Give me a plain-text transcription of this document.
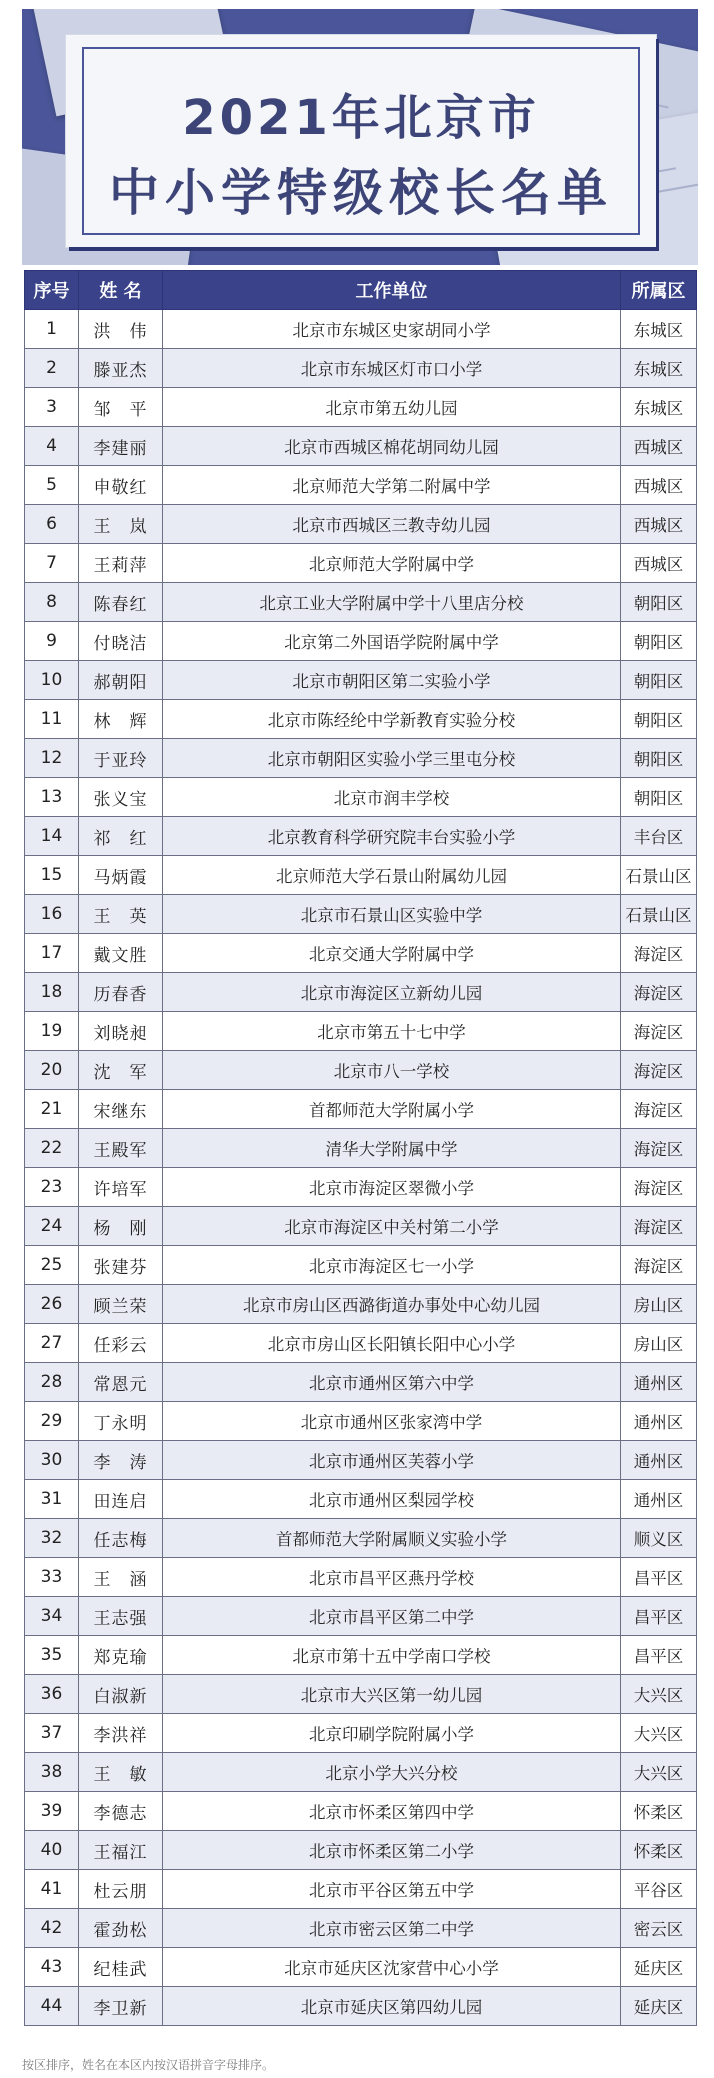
2021年北京市
中小学特级校长名单
序号	姓 名	工作单位	所属区
1	洪　伟	北京市东城区史家胡同小学	东城区
2	滕亚杰	北京市东城区灯市口小学	东城区
3	邹　平	北京市第五幼儿园	东城区
4	李建丽	北京市西城区棉花胡同幼儿园	西城区
5	申敬红	北京师范大学第二附属中学	西城区
6	王　岚	北京市西城区三教寺幼儿园	西城区
7	王莉萍	北京师范大学附属中学	西城区
8	陈春红	北京工业大学附属中学十八里店分校	朝阳区
9	付晓洁	北京第二外国语学院附属中学	朝阳区
10	郝朝阳	北京市朝阳区第二实验小学	朝阳区
11	林　辉	北京市陈经纶中学新教育实验分校	朝阳区
12	于亚玲	北京市朝阳区实验小学三里屯分校	朝阳区
13	张义宝	北京市润丰学校	朝阳区
14	祁　红	北京教育科学研究院丰台实验小学	丰台区
15	马炳霞	北京师范大学石景山附属幼儿园	石景山区
16	王　英	北京市石景山区实验中学	石景山区
17	戴文胜	北京交通大学附属中学	海淀区
18	历春香	北京市海淀区立新幼儿园	海淀区
19	刘晓昶	北京市第五十七中学	海淀区
20	沈　军	北京市八一学校	海淀区
21	宋继东	首都师范大学附属小学	海淀区
22	王殿军	清华大学附属中学	海淀区
23	许培军	北京市海淀区翠微小学	海淀区
24	杨　刚	北京市海淀区中关村第二小学	海淀区
25	张建芬	北京市海淀区七一小学	海淀区
26	顾兰荣	北京市房山区西潞街道办事处中心幼儿园	房山区
27	任彩云	北京市房山区长阳镇长阳中心小学	房山区
28	常恩元	北京市通州区第六中学	通州区
29	丁永明	北京市通州区张家湾中学	通州区
30	李　涛	北京市通州区芙蓉小学	通州区
31	田连启	北京市通州区梨园学校	通州区
32	任志梅	首都师范大学附属顺义实验小学	顺义区
33	王　涵	北京市昌平区燕丹学校	昌平区
34	王志强	北京市昌平区第二中学	昌平区
35	郑克瑜	北京市第十五中学南口学校	昌平区
36	白淑新	北京市大兴区第一幼儿园	大兴区
37	李洪祥	北京印刷学院附属小学	大兴区
38	王　敏	北京小学大兴分校	大兴区
39	李德志	北京市怀柔区第四中学	怀柔区
40	王福江	北京市怀柔区第二小学	怀柔区
41	杜云朋	北京市平谷区第五中学	平谷区
42	霍劲松	北京市密云区第二中学	密云区
43	纪桂武	北京市延庆区沈家营中心小学	延庆区
44	李卫新	北京市延庆区第四幼儿园	延庆区
按区排序，姓名在本区内按汉语拼音字母排序。
